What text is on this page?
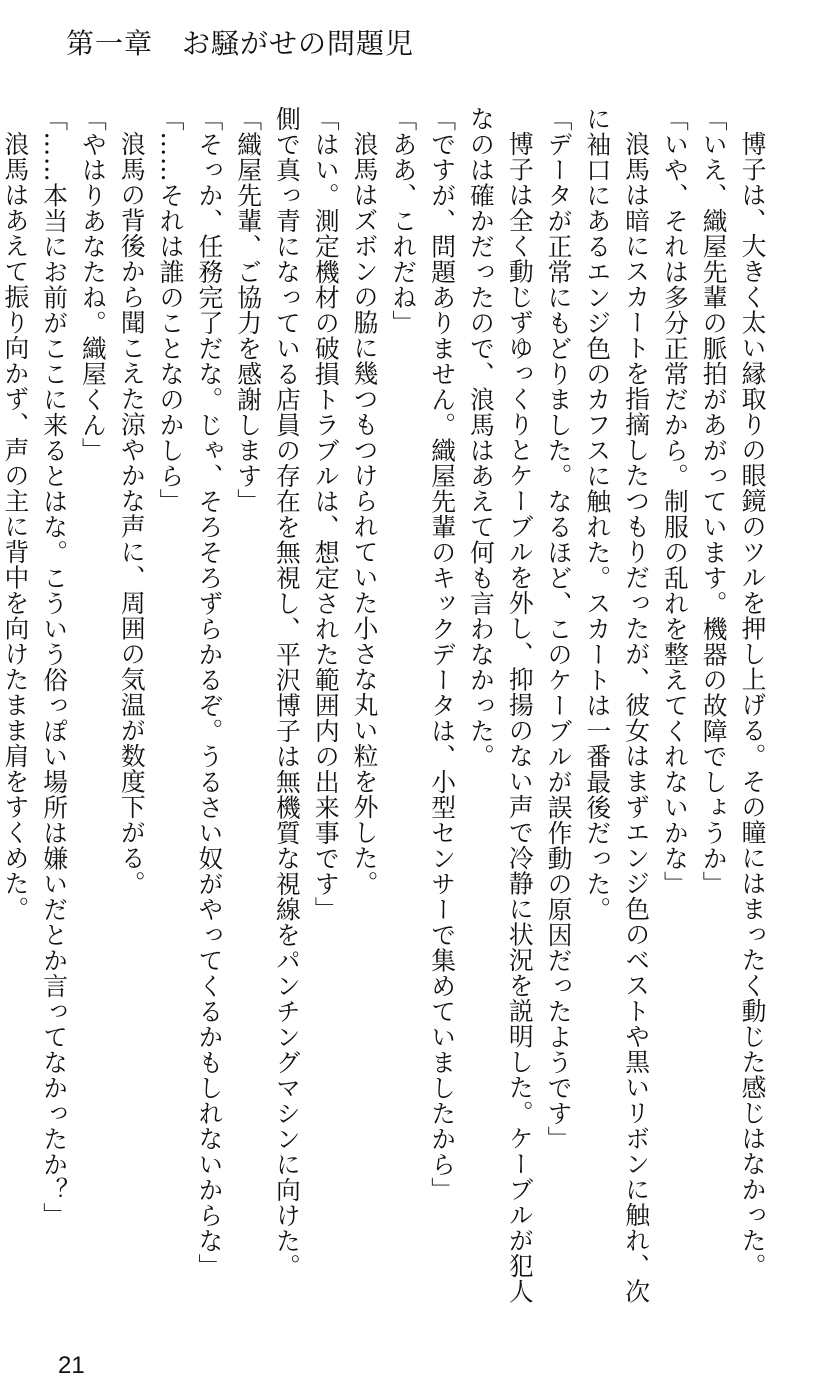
第一章　お騒がせの問題児

博子は、大きく太い縁取りの眼鏡のツルを押し上げる。その瞳にはまったく動じた感じはなかった。

「いえ、織屋先輩の脈拍があがっています。機器の故障でしょうか」

「いや、それは多分正常だから。制服の乱れを整えてくれないかな」

浪馬は暗にスカートを指摘したつもりだったが、彼女はまずエンジ色のベストや黒いリボンに触れ、次に袖口にあるエンジ色のカフスに触れた。スカートは一番最後だった。

「データが正常にもどりました。なるほど、このケーブルが誤作動の原因だったようです」

博子は全く動じずゆっくりとケーブルを外し、抑揚のない声で冷静に状況を説明した。ケーブルが犯人なのは確かだったので、浪馬はあえて何も言わなかった。

「ですが、問題ありません。織屋先輩のキックデータは、小型センサーで集めていましたから」

「ああ、これだね」

浪馬はズボンの脇に幾つもつけられていた小さな丸い粒を外した。

「はい。測定機材の破損トラブルは、想定された範囲内の出来事です」

側で真っ青になっている店員の存在を無視し、平沢博子は無機質な視線をパンチングマシンに向けた。

「織屋先輩、ご協力を感謝します」

「そっか、任務完了だな。じゃ、そろそろずらかるぞ。うるさい奴がやってくるかもしれないからな」

「……それは誰のことなのかしら」

浪馬の背後から聞こえた涼やかな声に、周囲の気温が数度下がる。

「やはりあなたね。織屋くん」

「……本当にお前がここに来るとはな。こういう俗っぽい場所は嫌いだとか言ってなかったか？」

浪馬はあえて振り向かず、声の主に背中を向けたまま肩をすくめた。

21
